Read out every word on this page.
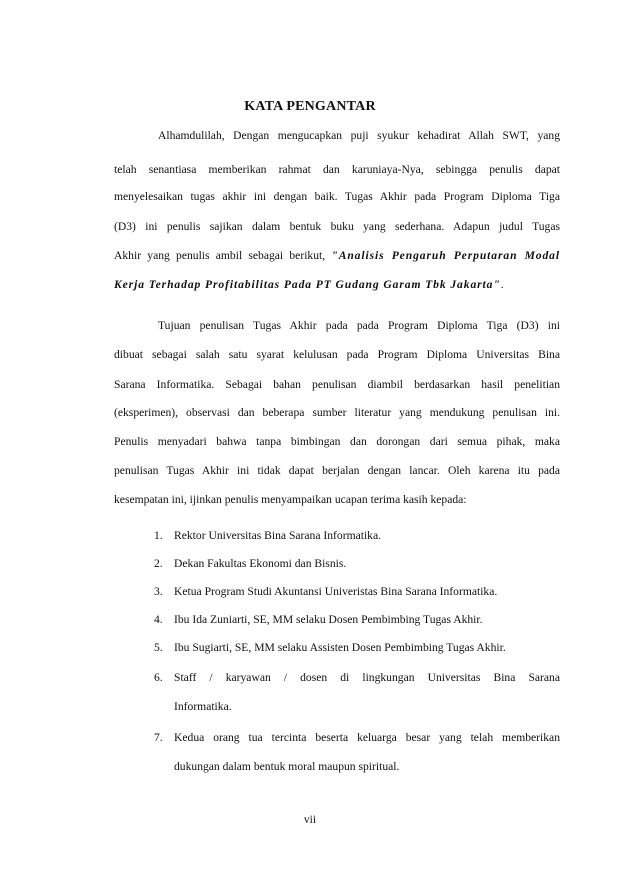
KATA PENGANTAR
Alhamdulilah, Dengan mengucapkan puji syukur kehadirat Allah SWT, yang
telah senantiasa memberikan rahmat dan karuniaya-Nya, sebingga penulis dapat
menyelesaikan tugas akhir ini dengan baik. Tugas Akhir pada Program Diploma Tiga
(D3) ini penulis sajikan dalam bentuk buku yang sederhana. Adapun judul Tugas
Akhir yang penulis ambil sebagai berikut, "Analisis Pengaruh Perputaran Modal
Kerja Terhadap Profitabilitas Pada PT Gudang Garam Tbk Jakarta".
Tujuan penulisan Tugas Akhir pada pada Program Diploma Tiga (D3) ini
dibuat sebagai salah satu syarat kelulusan pada Program Diploma Universitas Bina
Sarana Informatika. Sebagai bahan penulisan diambil berdasarkan hasil penelitian
(eksperimen), observasi dan beberapa sumber literatur yang mendukung penulisan ini.
Penulis menyadari bahwa tanpa bimbingan dan dorongan dari semua pihak, maka
penulisan Tugas Akhir ini tidak dapat berjalan dengan lancar. Oleh karena itu pada
kesempatan ini, ijinkan penulis menyampaikan ucapan terima kasih kepada:
1. Rektor Universitas Bina Sarana Informatika.
2. Dekan Fakultas Ekonomi dan Bisnis.
3. Ketua Program Studi Akuntansi Univeristas Bina Sarana Informatika.
4. Ibu Ida Zuniarti, SE, MM selaku Dosen Pembimbing Tugas Akhir.
5. Ibu Sugiarti, SE, MM selaku Assisten Dosen Pembimbing Tugas Akhir.
6. Staff / karyawan / dosen di lingkungan Universitas Bina Sarana
Informatika.
7. Kedua orang tua tercinta beserta keluarga besar yang telah memberikan
dukungan dalam bentuk moral maupun spiritual.
vii
